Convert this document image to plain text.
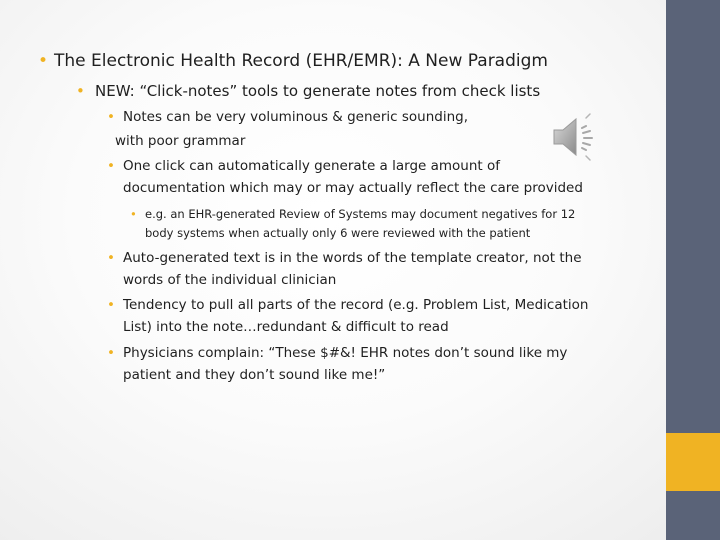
• The Electronic Health Record (EHR/EMR): A New Paradigm
• NEW: “Click-notes” tools to generate notes from check lists
• Notes can be very voluminous & generic sounding,
with poor grammar
• One click can automatically generate a large amount of
documentation which may or may actually reflect the care provided
• e.g. an EHR-generated Review of Systems may document negatives for 12
body systems when actually only 6 were reviewed with the patient
• Auto-generated text is in the words of the template creator, not the
words of the individual clinician
• Tendency to pull all parts of the record (e.g. Problem List, Medication
List) into the note…redundant & difficult to read
• Physicians complain: “These $#&! EHR notes don’t sound like my
patient and they don’t sound like me!”
